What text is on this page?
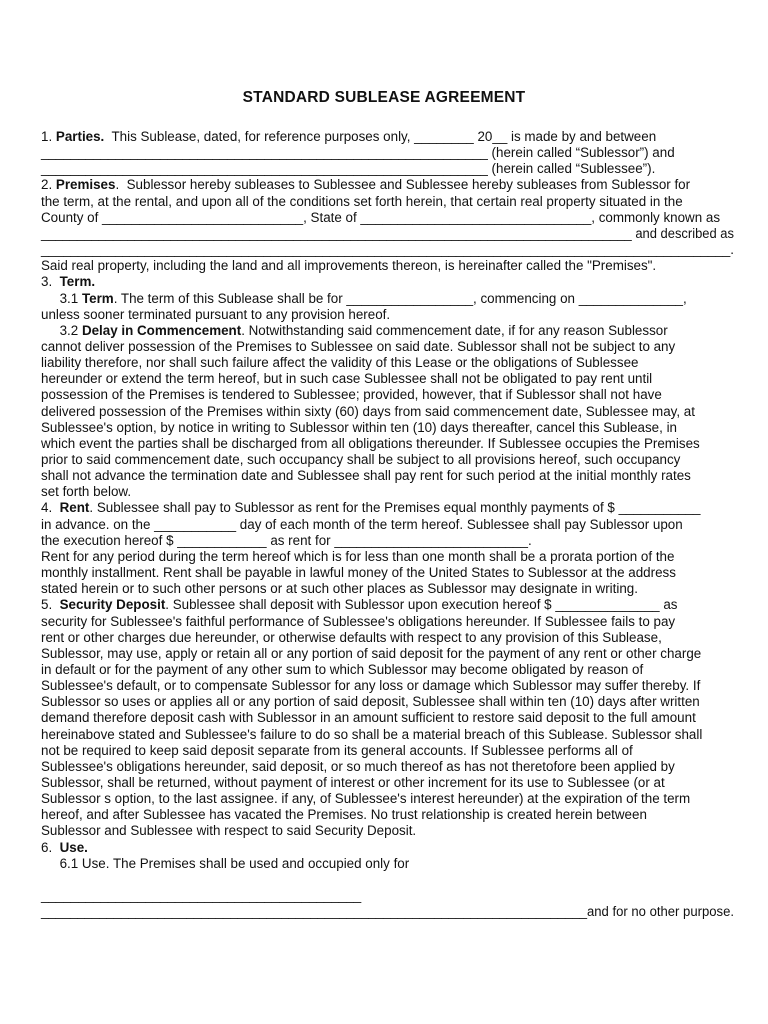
STANDARD SUBLEASE AGREEMENT
1. Parties.  This Sublease, dated, for reference purposes only, ________ 20__ is made by and between
____________________________________________________________ (herein called “Sublessor”) and
____________________________________________________________ (herein called “Sublessee”).
2. Premises.  Sublessor hereby subleases to Sublessee and Sublessee hereby subleases from Sublessor for
the term, at the rental, and upon all of the conditions set forth herein, that certain real property situated in the
County of ___________________________, State of _______________________________, commonly known as
__________________________________________________________________________________ and described as
_____________________________________________________________________________________________.
Said real property, including the land and all improvements thereon, is hereinafter called the "Premises".
3.  Term.
3.1 Term. The term of this Sublease shall be for _________________, commencing on ______________,
unless sooner terminated pursuant to any provision hereof.
3.2 Delay in Commencement. Notwithstanding said commencement date, if for any reason Sublessor
cannot deliver possession of the Premises to Sublessee on said date. Sublessor shall not be subject to any
liability therefore, nor shall such failure affect the validity of this Lease or the obligations of Sublessee
hereunder or extend the term hereof, but in such case Sublessee shall not be obligated to pay rent until
possession of the Premises is tendered to Sublessee; provided, however, that if Sublessor shall not have
delivered possession of the Premises within sixty (60) days from said commencement date, Sublessee may, at
Sublessee's option, by notice in writing to Sublessor within ten (10) days thereafter, cancel this Sublease, in
which event the parties shall be discharged from all obligations thereunder. If Sublessee occupies the Premises
prior to said commencement date, such occupancy shall be subject to all provisions hereof, such occupancy
shall not advance the termination date and Sublessee shall pay rent for such period at the initial monthly rates
set forth below.
4.  Rent. Sublessee shall pay to Sublessor as rent for the Premises equal monthly payments of $ ___________
in advance. on the ___________ day of each month of the term hereof. Sublessee shall pay Sublessor upon
the execution hereof $ ____________ as rent for __________________________.
Rent for any period during the term hereof which is for less than one month shall be a prorata portion of the
monthly installment. Rent shall be payable in lawful money of the United States to Sublessor at the address
stated herein or to such other persons or at such other places as Sublessor may designate in writing.
5.  Security Deposit. Sublessee shall deposit with Sublessor upon execution hereof $ ______________ as
security for Sublessee's faithful performance of Sublessee's obligations hereunder. If Sublessee fails to pay
rent or other charges due hereunder, or otherwise defaults with respect to any provision of this Sublease,
Sublessor, may use, apply or retain all or any portion of said deposit for the payment of any rent or other charge
in default or for the payment of any other sum to which Sublessor may become obligated by reason of
Sublessee's default, or to compensate Sublessor for any loss or damage which Sublessor may suffer thereby. If
Sublessor so uses or applies all or any portion of said deposit, Sublessee shall within ten (10) days after written
demand therefore deposit cash with Sublessor in an amount sufficient to restore said deposit to the full amount
hereinabove stated and Sublessee's failure to do so shall be a material breach of this Sublease. Sublessor shall
not be required to keep said deposit separate from its general accounts. If Sublessee performs all of
Sublessee's obligations hereunder, said deposit, or so much thereof as has not theretofore been applied by
Sublessor, shall be returned, without payment of interest or other increment for its use to Sublessee (or at
Sublessor s option, to the last assignee. if any, of Sublessee's interest hereunder) at the expiration of the term
hereof, and after Sublessee has vacated the Premises. No trust relationship is created herein between
Sublessor and Sublessee with respect to said Security Deposit.
6.  Use.
6.1 Use. The Premises shall be used and occupied only for
___________________________________________
___________________________________________________________________________and for no other purpose.
